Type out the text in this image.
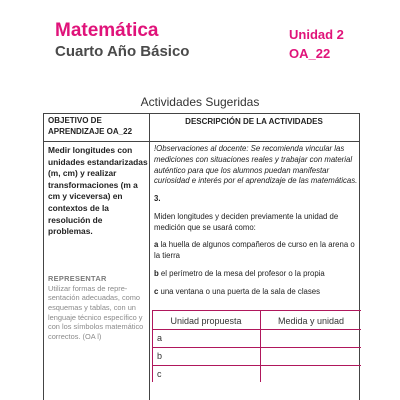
Matemática
Cuarto Año Básico
Unidad 2
OA_22
Actividades Sugeridas
OBJETIVO DE APRENDIZAJE OA_22
DESCRIPCIÓN DE LA ACTIVIDADES
Medir longitudes con unidades estandarizadas (m, cm) y realizar transformaciones (m a cm y viceversa) en contextos de la resolución de problemas.
REPRESENTAR
Utilizar formas de repre-sentación adecuadas, como esquemas y tablas, con un lenguaje técnico específico y con los símbolos matemático correctos. (OA l)
!Observaciones al docente: Se recomienda vincular las mediciones con situaciones reales y trabajar con material auténtico para que los alumnos puedan manifestar curiosidad e interés por el aprendizaje de las matemáticas.
3.
Miden longitudes y deciden previamente la unidad de medición que se usará como:
a la huella de algunos compañeros de curso en la arena o la tierra
b el perímetro de la mesa del profesor o la propia
c una ventana o una puerta de la sala de clases
Unidad propuesta	Medida y unidad
a
b
c
